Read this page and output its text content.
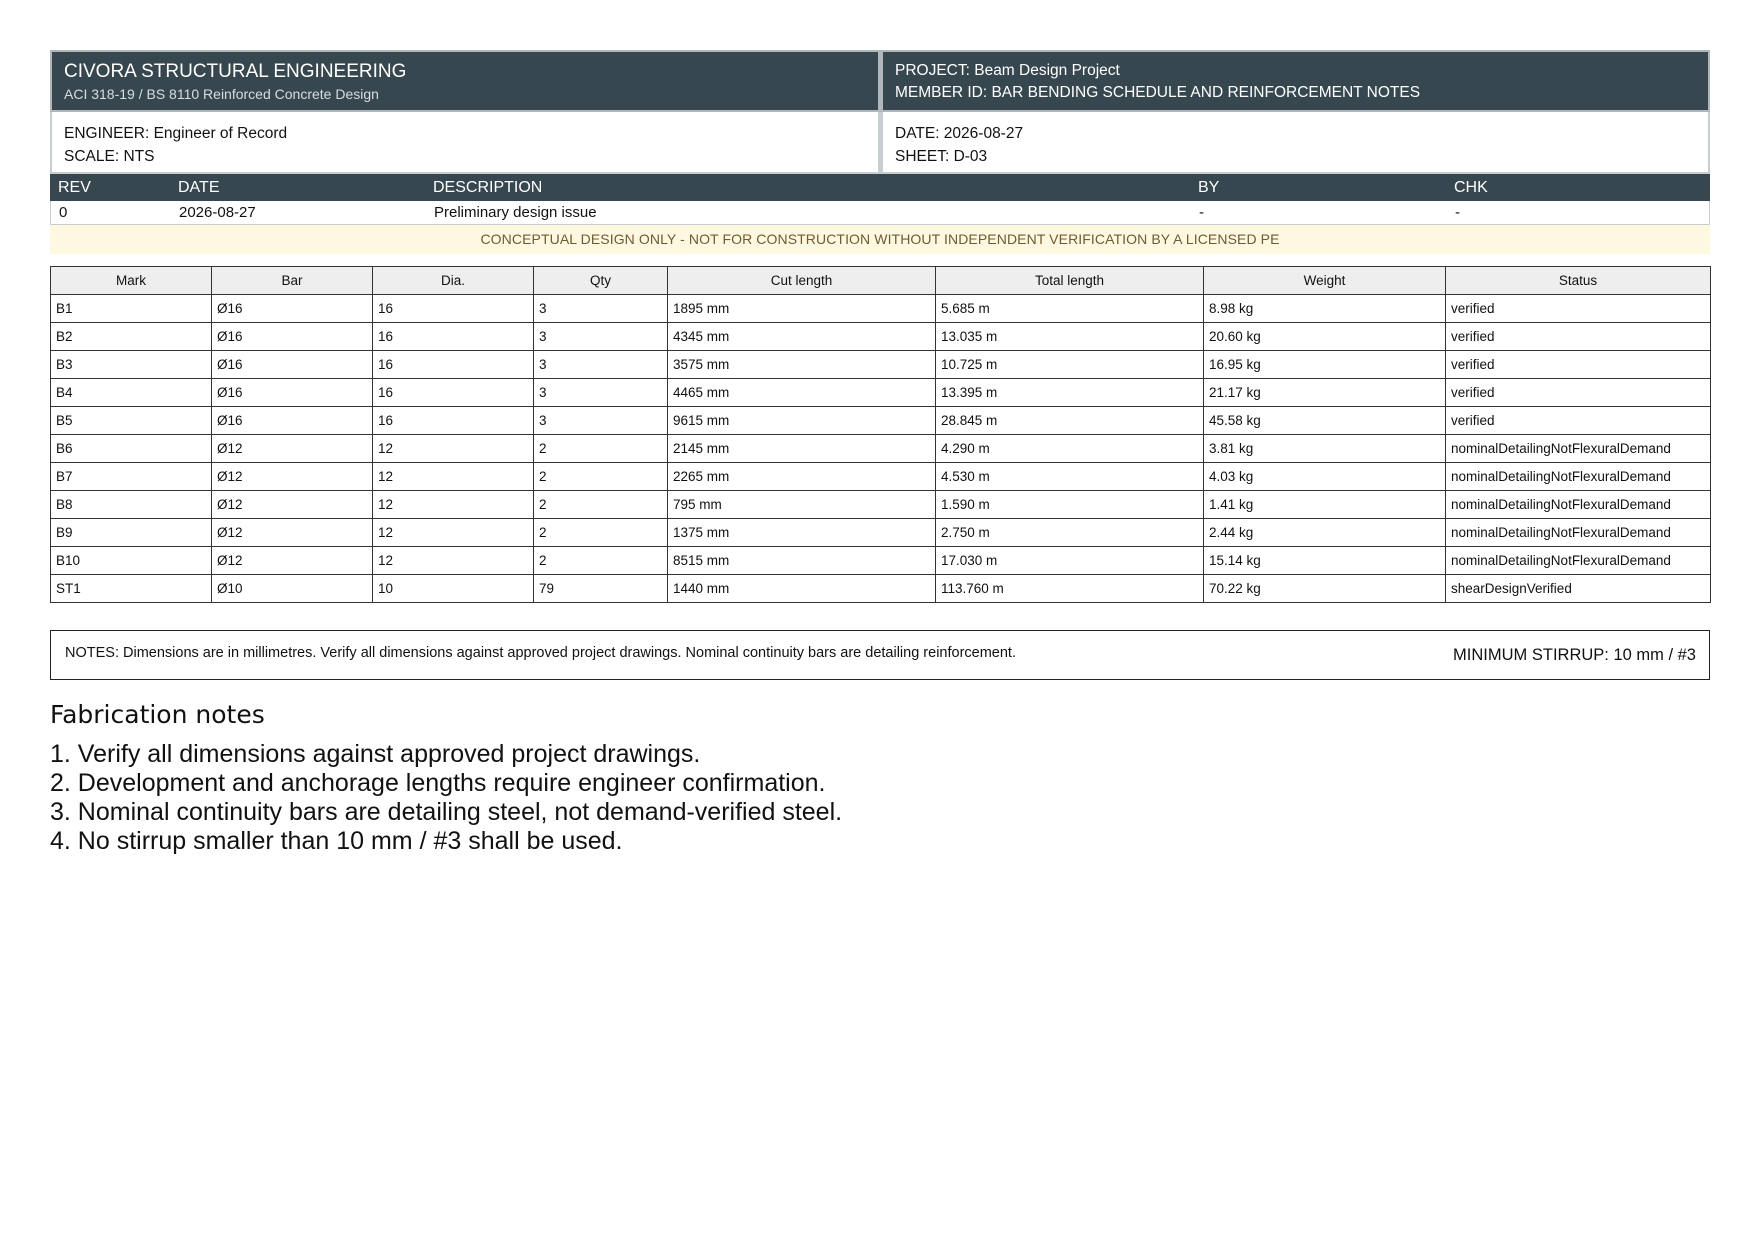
CIVORA STRUCTURAL ENGINEERING
ACI 318-19 / BS 8110 Reinforced Concrete Design
PROJECT: Beam Design Project
MEMBER ID: BAR BENDING SCHEDULE AND REINFORCEMENT NOTES
ENGINEER: Engineer of Record
SCALE: NTS
DATE: 2026-08-27
SHEET: D-03
REV	DATE	DESCRIPTION	BY	CHK
0	2026-08-27	Preliminary design issue	-	-
CONCEPTUAL DESIGN ONLY - NOT FOR CONSTRUCTION WITHOUT INDEPENDENT VERIFICATION BY A LICENSED PE
Mark	Bar	Dia.	Qty	Cut length	Total length	Weight	Status
B1	Ø16	16	3	1895 mm	5.685 m	8.98 kg	verified
B2	Ø16	16	3	4345 mm	13.035 m	20.60 kg	verified
B3	Ø16	16	3	3575 mm	10.725 m	16.95 kg	verified
B4	Ø16	16	3	4465 mm	13.395 m	21.17 kg	verified
B5	Ø16	16	3	9615 mm	28.845 m	45.58 kg	verified
B6	Ø12	12	2	2145 mm	4.290 m	3.81 kg	nominalDetailingNotFlexuralDemand
B7	Ø12	12	2	2265 mm	4.530 m	4.03 kg	nominalDetailingNotFlexuralDemand
B8	Ø12	12	2	795 mm	1.590 m	1.41 kg	nominalDetailingNotFlexuralDemand
B9	Ø12	12	2	1375 mm	2.750 m	2.44 kg	nominalDetailingNotFlexuralDemand
B10	Ø12	12	2	8515 mm	17.030 m	15.14 kg	nominalDetailingNotFlexuralDemand
ST1	Ø10	10	79	1440 mm	113.760 m	70.22 kg	shearDesignVerified
NOTES: Dimensions are in millimetres. Verify all dimensions against approved project drawings. Nominal continuity bars are detailing reinforcement.	MINIMUM STIRRUP: 10 mm / #3
Fabrication notes
1. Verify all dimensions against approved project drawings.
2. Development and anchorage lengths require engineer confirmation.
3. Nominal continuity bars are detailing steel, not demand-verified steel.
4. No stirrup smaller than 10 mm / #3 shall be used.
